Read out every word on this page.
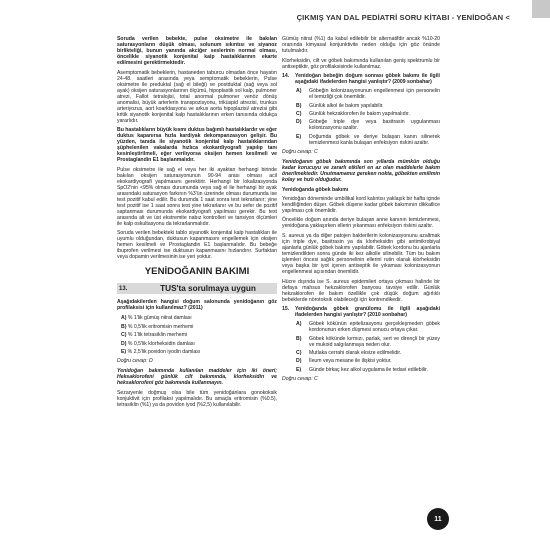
ÇIKMIŞ YAN DAL PEDİATRİ SORU KİTABI - YENİDOĞAN <

Soruda verilen bebekte, pulse oksimetre ile bakılan saturasyonların düşük olması, solunum sıkıntısı ve siyanoz birlikteliği, bunun yanında akciğer seslerinin normal olması, öncelikle siyanotik konjenital kalp hastalıklarının ekarte edilmesini gerektirmektedir.

Asemptomatik bebeklerin, hastaneden taburcu olmadan önce hayatın 24-48. saatleri arasında yeya semptomatik bebeklerin, Pulse oksimetre ile preduktal (sağ el bileği) ve postduktal (sağ veya sol ayak) oksijen saturasyonlarının ölçümü, hipoplastik sol kalp, pulmoner atrezi, Fallot tetralojisi, total anormal pulmoner venöz dönüş anomalisi, büyük arterlerin transpozisyonu, triküspid atrezisi, trunkus arteriyozus, aort koarktasyonu ve arkus aorta hipoplazisi/ atrezisi gibi kritik siyanotik konjenital kalp hastalıklarının erken tanısında oldukça yararlıdır.

Bu hastalıkların büyük kısmı duktus bağımlı hastalıklardır ve eğer duktus kapanırsa hızla kardiyak dekompanzasyon gelişir. Bu yüzden, tanıda ile siyanotik konjenital kalp hastalıklarından şüphelenilen vakalarda hızlıca ekokardiyografi yapılıp tanı kesinleştirilmeli, eğer verilıyorsa oksijen hemen kesilmeli ve Prostaglandin E1 başlanmalıdır.

Pulse oksimetre ile sağ el veya her iki ayaktan herhangi birinde bakılan oksijen saturasyonunun 90-94 arası olması acil ekokardiyografi yapılmasını gerektirir. Herhangi bir lokalizasyonda SpO2'nin <95% olması durumunda veya sağ el ile herhangi bir ayak arasındaki saturasyon farkının %3'ün üzerinde olması durumunda ise test pozitif kabul edilir. Bu durumda 1 saat sonra test tekrarlanır; yine test pozitif ise 1 saat sonra test yine tekrarlanır ve bu sefer de pozitif saptanması durumunda ekokardiyografi yapılması gerekir. Bu test arasında alt ve üst ekstremite nabız kontrolleri ve tansiyon ölçümleri ile kalp oskultasyonu da tekrarlanmalıdır.

Soruda verilen bebekteki tablo siyanotik konjenital kalp hastalıkları ile uyumlu olduğundan, duktusun kapanmasını engellemek için oksijen hemen kesilmeli ve Prostaglandin E1 başlanmalıdır. Bu bebeğe ibuprofen verilmesi ise duktusun kapanmasını hızlandırır. Surfaktan veya dopamin verilmesinin ise yeri yoktur.

YENİDOĞANIN BAKIMI
13.	TUS'ta sorulmaya uygun

Aşağıdakilerden hangisi doğum salonunda yenidoğanın göz profilaksisi için kullanılmaz? (2011)

A) % 1'lik gümüş nitrat damlası
B) % 0,5'lik eritromisin merhemi
C) % 1'lik tetrasiklin merhemi
D) % 0,5'lik klorheksidin damlası
E) % 2,5'lik povidon iyodin damlası
Doğru cevap: D

Yenidoğan bakımında kullanılan maddeler için iki öneri; Heksaklorofeni günlük cilt bakımında, klorheksidin ve heksaklorofeni göz bakımında kullanmayın.

Sezaryenle doğmuş olsa bile tüm yenidoğanlara gonokoksik konjuktivit için profilaksi yapılmalıdır. Bu amaçla eritromisin (%0.5), tetrasiklin (%1) ya da povidon iyod (%2,5) kullanılabilir.

Gümüş nitrat (%1) da kabul edilebilir bir alternatifdir ancak %10-20 oranında kimyasal konjunktivite neden olduğu için göz önünde tutulmalıdır.

Klorheksidin, cilt ve göbek bakımında kullanılan geniş spektrumlu bir antiseptiktir, göz profilaksisinde kullanılmaz.

14.	Yenidoğan bebeğin doğum sonrası göbek bakımı ile ilgili aşağıdaki ifadelerden hangisi yanlıştır? (2009 sonbahar)
A)	Göbeğin kolonizasyonunun engellenmesi için personelin el temizliği çok önemlidir.
B)	Günlük alkol ile bakım yapılabilir.
C)	Günlük hekzaklorofen ile bakım yapılmalıdır.
D)	Göbeğe triple dye veya basitrasin uygulanması kolonizasyonu azaltır.
E)	Doğumda göbek ve deriye bulaşan kanın silinerek temizlenmesi kanla bulaşan enfeksiyon riskini azaltır.
Doğru cevap: C

Yenidoğanın göbek bakımında son yıllarda mümkün olduğu kadar korucuyu ve zararlı etkileri en az olan maddelerle bakım önerilmektedir. Unutmamamız gereken nokta, göbekten emilimin kolay ve hızlı olduğudur.

Yenidoğanda göbek bakımı

Yenidoğan döneminde umbilikal kord kalıntısı yaklaşık bir hafta içinde kendiliğinden düşer. Göbek düşene kadar göbek bakımının dikkatlice yapılması çok önemlidir.

Öncelikle doğum anında deriye bulaşan anne kanının temizlenmesi, yenidoğana yaklaşırken ellerin yıkanması enfeksiyon riskini azaltır.

S. aureus ya da diğer patojen bakterilerin kolonizasyonunu azaltmak için triple dye, basitrasin ya da klorheksidin gibi antimikrobiyal ajanlarla günlük göbek bakımı yapılabilir. Göbek kordonu bu ajanlarla temizlendikten sonra günde iki kez alkolle silinebilir. Tüm bu bakım işlemleri öncesi sağlık personelinin ellerini rutin olarak klorheksidin veya başka bir iyot içeren antiseptik ile yıkaması kolonizasyonun engellenmesi açısından önemlidir.

Hücre dışında ise S. aureus epidemileri ortaya çıkması halinde bir defaya mahsus hekzaklorofen banyosu tavsiye edilir. Günlük hekzaklorofen ile bakım özellikle çok düşük doğum ağırlıklı bebeklerde nörotoksik olabileceği için kontrendikedir.

15.	Yenidoğanda göbek granülomu ile ilgili aşağıdaki ifadelerden hangisi yanlıştır? (2010 sonbahar)
A)	Göbek kökünün epitelizasyonu gerçekleşmeden göbek kordonunun erken düşmesi sonucu ortaya çıkar.
B)	Göbek kökünde kırmızı, parlak, sert ve dirençli bir yüzey ve mukoid salgılanmaya neden olur.
C)	Mutlaka cerrahi olarak eksize edilmelidir.
D)	İleum veya mesane ile ilişkisi yoktur.
E)	Günde birkaç kez alkol uygulama ile tedavi edilebilir.
Doğru cevap: C
11
